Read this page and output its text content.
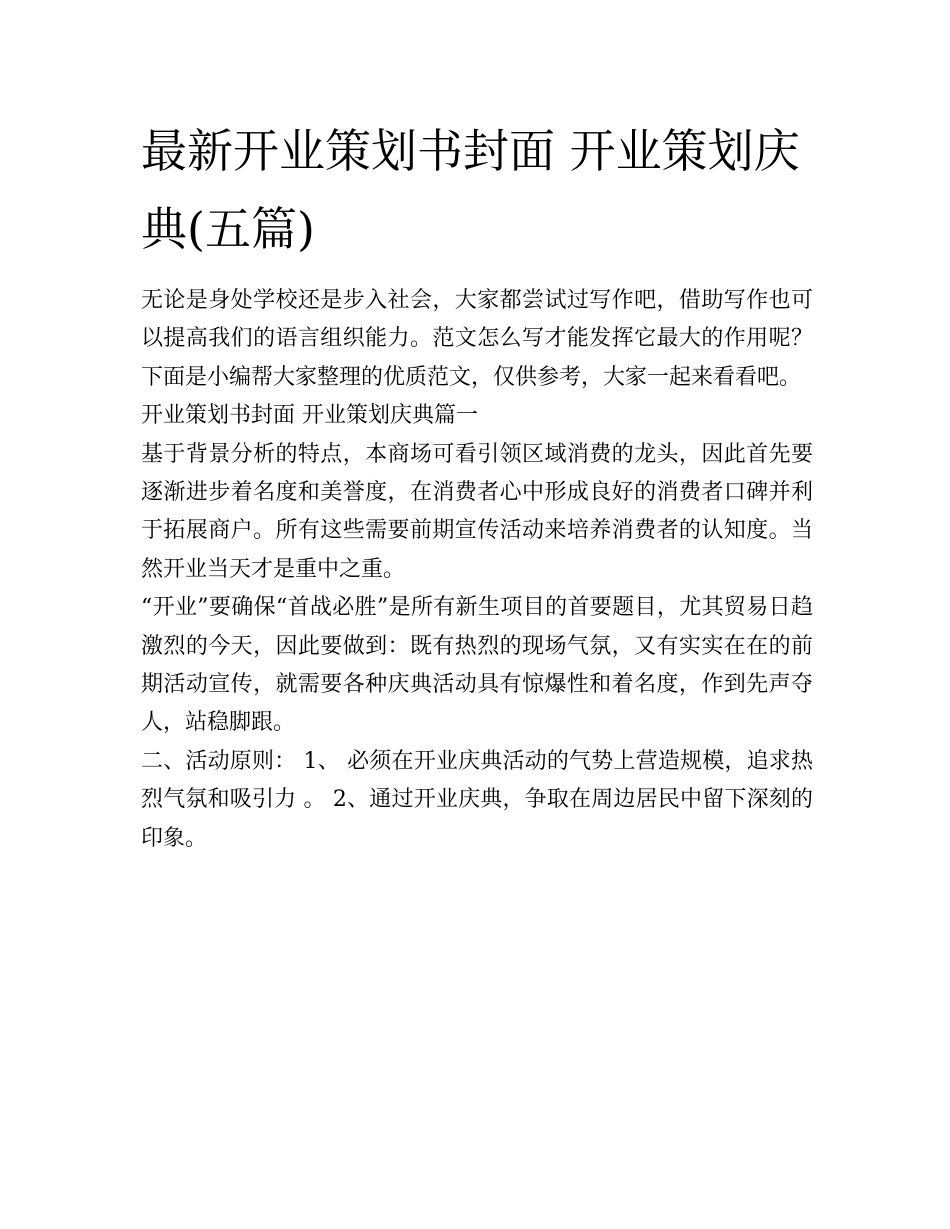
最新开业策划书封面 开业策划庆典(五篇)

无论是身处学校还是步入社会，大家都尝试过写作吧，借助写作也可以提高我们的语言组织能力。范文怎么写才能发挥它最大的作用呢？下面是小编帮大家整理的优质范文，仅供参考，大家一起来看看吧。

开业策划书封面 开业策划庆典篇一

基于背景分析的特点，本商场可看引领区域消费的龙头，因此首先要逐渐进步着名度和美誉度，在消费者心中形成良好的消费者口碑并利于拓展商户。所有这些需要前期宣传活动来培养消费者的认知度。当然开业当天才是重中之重。

“开业”要确保“首战必胜”是所有新生项目的首要题目，尤其贸易日趋激烈的今天，因此要做到：既有热烈的现场气氛，又有实实在在的前期活动宣传，就需要各种庆典活动具有惊爆性和着名度，作到先声夺人，站稳脚跟。

二、活动原则： 1、 必须在开业庆典活动的气势上营造规模，追求热烈气氛和吸引力 。 2、通过开业庆典，争取在周边居民中留下深刻的印象。
